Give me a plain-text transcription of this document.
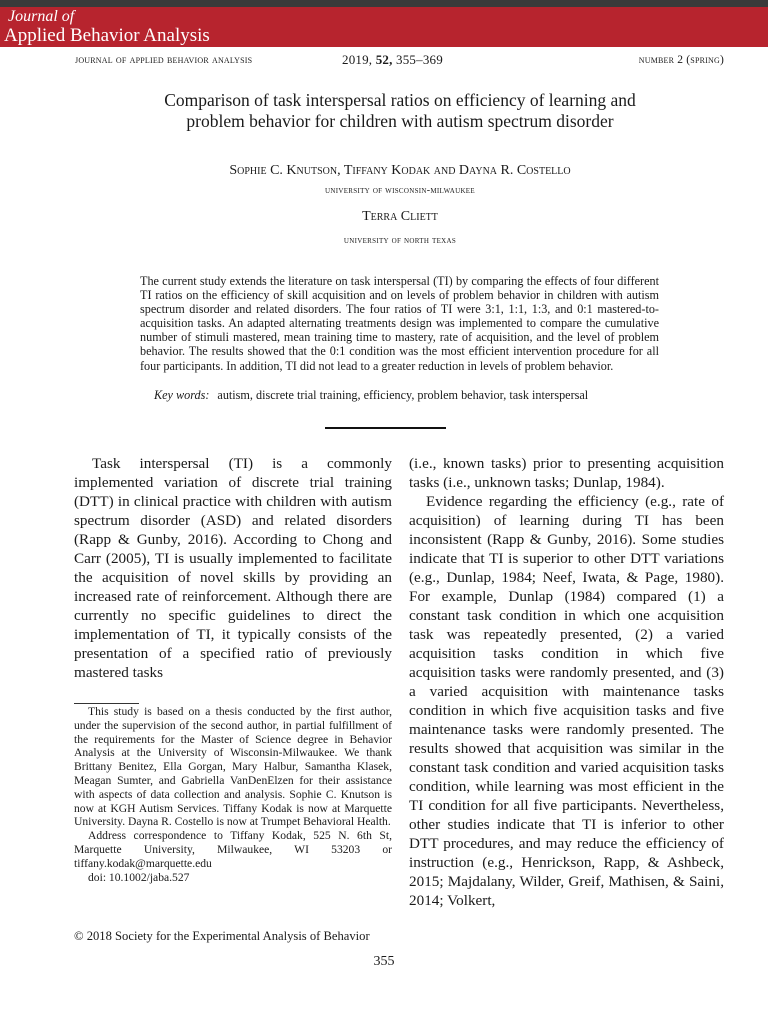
Journal of
Applied Behavior Analysis
journal of applied behavior analysis	2019, 52, 355–369	number 2 (spring)
Comparison of task interspersal ratios on efficiency of learning and problem behavior for children with autism spectrum disorder
Sophie C. Knutson, Tiffany Kodak and Dayna R. Costello
university of wisconsin-milwaukee
Terra Cliett
university of north texas
The current study extends the literature on task interspersal (TI) by comparing the effects of four different TI ratios on the efficiency of skill acquisition and on levels of problem behavior in children with autism spectrum disorder and related disorders. The four ratios of TI were 3:1, 1:1, 1:3, and 0:1 mastered-to-acquisition tasks. An adapted alternating treatments design was implemented to compare the cumulative number of stimuli mastered, mean training time to mastery, rate of acquisition, and the level of problem behavior. The results showed that the 0:1 condition was the most efficient intervention procedure for all four participants. In addition, TI did not lead to a greater reduction in levels of problem behavior.
Key words: autism, discrete trial training, efficiency, problem behavior, task interspersal
Task interspersal (TI) is a commonly implemented variation of discrete trial training (DTT) in clinical practice with children with autism spectrum disorder (ASD) and related disorders (Rapp & Gunby, 2016). According to Chong and Carr (2005), TI is usually implemented to facilitate the acquisition of novel skills by providing an increased rate of reinforcement. Although there are currently no specific guidelines to direct the implementation of TI, it typically consists of the presentation of a specified ratio of previously mastered tasks

(i.e., known tasks) prior to presenting acquisition tasks (i.e., unknown tasks; Dunlap, 1984).

Evidence regarding the efficiency (e.g., rate of acquisition) of learning during TI has been inconsistent (Rapp & Gunby, 2016). Some studies indicate that TI is superior to other DTT variations (e.g., Dunlap, 1984; Neef, Iwata, & Page, 1980). For example, Dunlap (1984) compared (1) a constant task condition in which one acquisition task was repeatedly presented, (2) a varied acquisition tasks condition in which five acquisition tasks were randomly presented, and (3) a varied acquisition with maintenance tasks condition in which five acquisition tasks and five maintenance tasks were randomly presented. The results showed that acquisition was similar in the constant task condition and varied acquisition tasks condition, while learning was most efficient in the TI condition for all five participants. Nevertheless, other studies indicate that TI is inferior to other DTT procedures, and may reduce the efficiency of instruction (e.g., Henrickson, Rapp, & Ashbeck, 2015; Majdalany, Wilder, Greif, Mathisen, & Saini, 2014; Volkert,

This study is based on a thesis conducted by the first author, under the supervision of the second author, in partial fulfillment of the requirements for the Master of Science degree in Behavior Analysis at the University of Wisconsin-Milwaukee. We thank Brittany Benitez, Ella Gorgan, Mary Halbur, Samantha Klasek, Meagan Sumter, and Gabriella VanDenElzen for their assistance with aspects of data collection and analysis. Sophie C. Knutson is now at KGH Autism Services. Tiffany Kodak is now at Marquette University. Dayna R. Costello is now at Trumpet Behavioral Health.

Address correspondence to Tiffany Kodak, 525 N. 6th St, Marquette University, Milwaukee, WI 53203 or tiffany.kodak@marquette.edu

doi: 10.1002/jaba.527

© 2018 Society for the Experimental Analysis of Behavior
355
